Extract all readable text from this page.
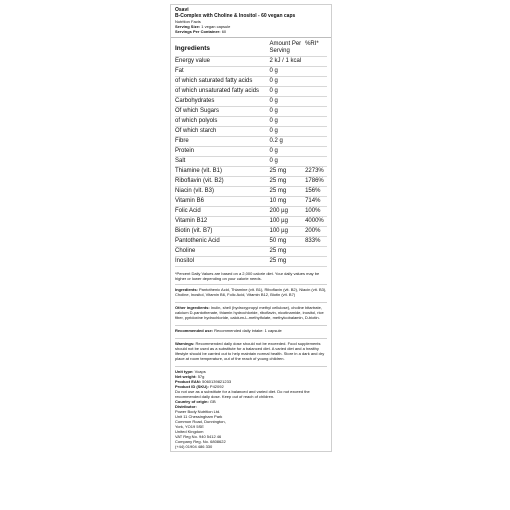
Osavi
B-Complex with Choline & Inositol - 60 vegan caps
Nutrition Facts
Serving Size: 1 vegan capsule
Servings Per Container: 60
Ingredients	Amount Per Serving	%RI*
Energy value	2 kJ / 1 kcal	
Fat	0 g	
of which saturated fatty acids	0 g	
of which unsaturated fatty acids	0 g	
Carbohydrates	0 g	
Of which Sugars	0 g	
of which polyols	0 g	
Of which starch	0 g	
Fibre	0.2 g	
Protein	0 g	
Salt	0 g	
Thiamine (vit. B1)	25 mg	2273%
Riboflavin (vit. B2)	25 mg	1786%
Niacin (vit. B3)	25 mg	156%
Vitamin B6	10 mg	714%
Folic Acid	200 µg	100%
Vitamin B12	100 µg	4000%
Biotin (vit. B7)	100 µg	200%
Pantothenic Acid	50 mg	833%
Choline	25 mg	
Inositol	25 mg	
*Percent Daily Values are based on a 2,000 calorie diet. Your daily values may be higher or lower depending on your calorie needs.
Ingredients: Pantothenic Acid, Thiamine (vit. B1), Riboflavin (vit. B2), Niacin (vit. B3), Choline, Inositol, Vitamin B6, Folic Acid, Vitamin B12, Biotin (vit. B7)
Other ingredients: Inulin, shell (hydroxypropyl methyl cellulose), choline bitartrate, calcium D-pantothenate, thiamin hydrochloride, riboflavin, nicotinamide, inositol, rice fiber, pyridoxine hydrochloride, calcium-L-methylfolate, methylcobalamin, D-biotin.
Recommended use: Recommended daily intake: 1 capsule
Warnings: Recommended daily dose should not be exceeded. Food supplements should not be used as a substitute for a balanced diet. A varied diet and a healthy lifestyle should be carried out to help maintain normal health. Store in a dark and dry place at room temperature, out of the reach of young children.
Unit type: Vcaps
Net weight: 57g
Product EAN: 5060139821233
Product ID (SKU): P42092
Do not use as a substitute for a balanced and varied diet. Do not exceed the recommended daily dose. Keep out of reach of children.
Country of origin: GB
Distributor:
Power Body Nutrition Ltd.
Unit 11 Chessingham Park
Common Road, Dunnington,
York, YO19 5SE
United Kingdom
VAT Reg No. 940 5412 46
Company Reg. No. 6808622
(+44) 01904 486 330
